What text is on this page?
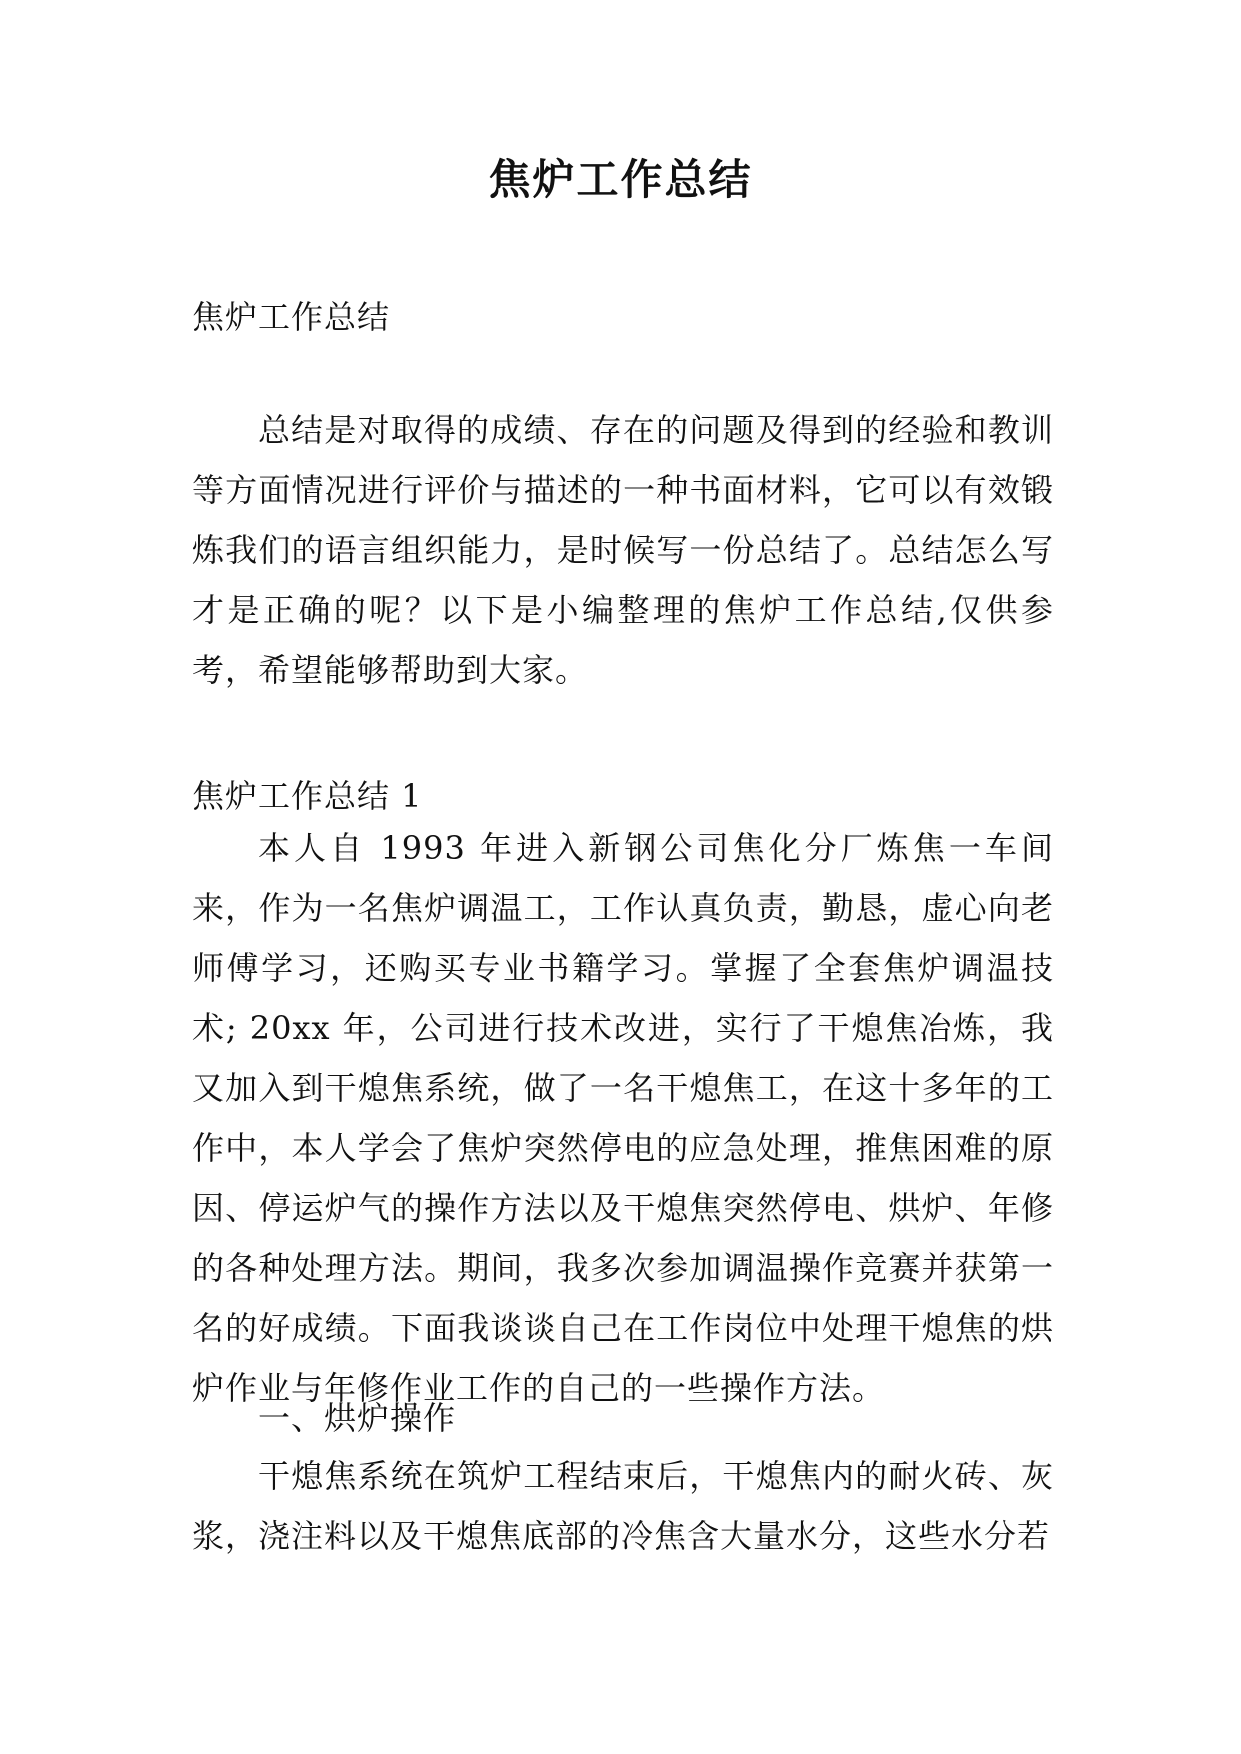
焦炉工作总结

焦炉工作总结

总结是对取得的成绩、存在的问题及得到的经验和教训等方面情况进行评价与描述的一种书面材料，它可以有效锻炼我们的语言组织能力，是时候写一份总结了。总结怎么写才是正确的呢？以下是小编整理的焦炉工作总结,仅供参考，希望能够帮助到大家。

焦炉工作总结 1

本人自 1993 年进入新钢公司焦化分厂炼焦一车间来，作为一名焦炉调温工，工作认真负责，勤恳，虚心向老师傅学习，还购买专业书籍学习。掌握了全套焦炉调温技术; 20xx 年，公司进行技术改进，实行了干熄焦冶炼，我又加入到干熄焦系统，做了一名干熄焦工，在这十多年的工作中，本人学会了焦炉突然停电的应急处理，推焦困难的原因、停运炉气的操作方法以及干熄焦突然停电、烘炉、年修的各种处理方法。期间，我多次参加调温操作竞赛并获第一名的好成绩。下面我谈谈自己在工作岗位中处理干熄焦的烘炉作业与年修作业工作的自己的一些操作方法。

一、烘炉操作

干熄焦系统在筑炉工程结束后，干熄焦内的耐火砖、灰浆，浇注料以及干熄焦底部的冷焦含大量水分，这些水分若
